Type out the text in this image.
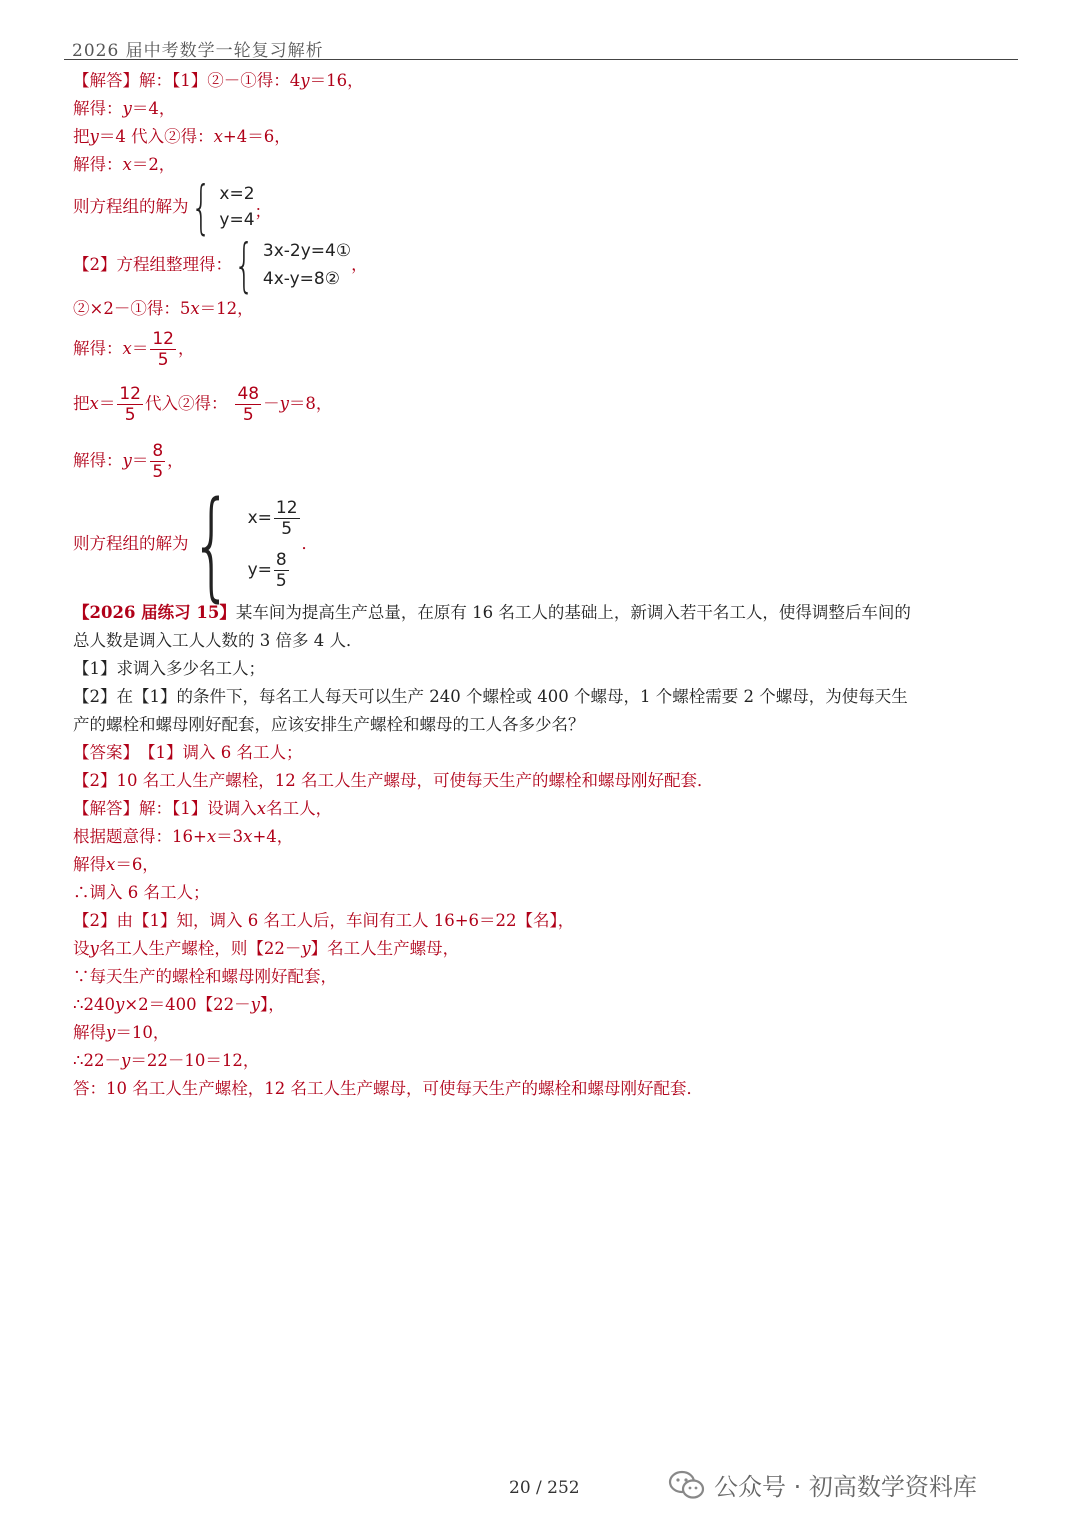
2026 届中考数学一轮复习解析
【解答】 解：【1】②－①得：4 y ＝16，
解得： y ＝4，
把 y ＝4 代入②得： x +4＝6，
解得： x ＝2，
则方程组的解为 { x=2
y=4 ；
【2】方程组整理得： { 3x-2y=4①
4x-y=8②
，
②×2－①得：5 x ＝12，
解得： $x = \frac{12}{5}$ ，
把 $x = \frac{12}{5}$ 代入②得： $\frac{48}{5} - y =8$，
解得： $y = \frac{8}{5}$ ，
则方程组的解为 { $x= \frac{12}{5}$
$y= \frac{8}{5}$
．
【2026 届练习 15】 某车间为提高生产总量，在原有 16 名工人的基础上，新调入若干名工人，使得调整后车间的
总人数是调入工人人数的 3 倍多 4 人．
【1】求调入多少名工人；
【2】在【1】的条件下，每名工人每天可以生产 240 个螺栓或 400 个螺母，1 个螺栓需要 2 个螺母，为使每天生
产的螺栓和螺母刚好配套，应该安排生产螺栓和螺母的工人各多少名？
【答案】 【1】调入 6 名工人；
【2】10 名工人生产螺栓，12 名工人生产螺母，可使每天生产的螺栓和螺母刚好配套．
【解答】 解：【1】设调入 x 名工人，
根据题意得：16+ x ＝3 x +4，
解得 x ＝6，
∴调入 6 名工人；
【2】由【1】知，调入 6 名工人后，车间有工人 16+6＝22【名】，
设 y 名工人生产螺栓，则【22－ y 】名工人生产螺母，
∵每天生产的螺栓和螺母刚好配套，
∴240 y ×2＝400【22－ y 】，
解得 y ＝10，
∴22－ y ＝22－10＝12，
答：10 名工人生产螺栓，12 名工人生产螺母，可使每天生产的螺栓和螺母刚好配套．
20 / 252	公众号 · 初高数学资料库
